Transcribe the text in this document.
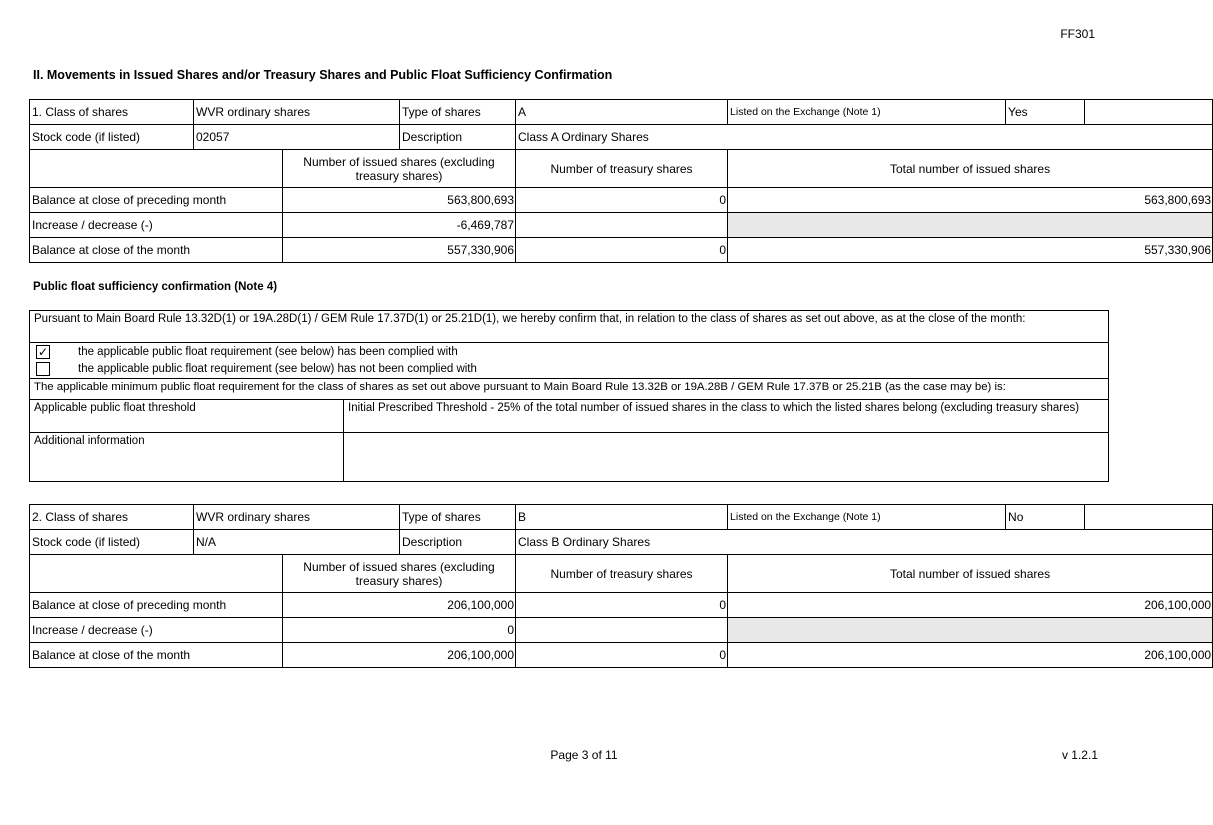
FF301
II. Movements in Issued Shares and/or Treasury Shares and Public Float Sufficiency Confirmation
1. Class of shares	WVR ordinary shares		Type of shares	A	Listed on the Exchange (Note 1)	Yes	
Stock code (if listed)	02057		Description	Class A Ordinary Shares			
		Number of issued shares (excluding treasury shares)		Number of treasury shares	Total number of issued shares		
Balance at close of preceding month		563,800,693		0	563,800,693		
Increase / decrease (-)		-6,469,787					
Balance at close of the month		557,330,906		0	557,330,906		
Public float sufficiency confirmation (Note 4)
Pursuant to Main Board Rule 13.32D(1) or 19A.28D(1) / GEM Rule 17.37D(1) or 25.21D(1), we hereby confirm that, in relation to the class of shares as set out above, as at the close of the month:	
✓ the applicable public float requirement (see below) has been complied with	
the applicable public float requirement (see below) has not been complied with	
The applicable minimum public float requirement for the class of shares as set out above pursuant to Main Board Rule 13.32B or 19A.28B / GEM Rule 17.37B or 25.21B (as the case may be) is:	
Applicable public float threshold	Initial Prescribed Threshold - 25% of the total number of issued shares in the class to which the listed shares belong (excluding treasury shares)
Additional information	
2. Class of shares	WVR ordinary shares		Type of shares	B	Listed on the Exchange (Note 1)	No	
Stock code (if listed)	N/A		Description	Class B Ordinary Shares			
		Number of issued shares (excluding treasury shares)		Number of treasury shares	Total number of issued shares		
Balance at close of preceding month		206,100,000		0	206,100,000		
Increase / decrease (-)		0					
Balance at close of the month		206,100,000		0	206,100,000		
Page 3 of 11	v 1.2.1
